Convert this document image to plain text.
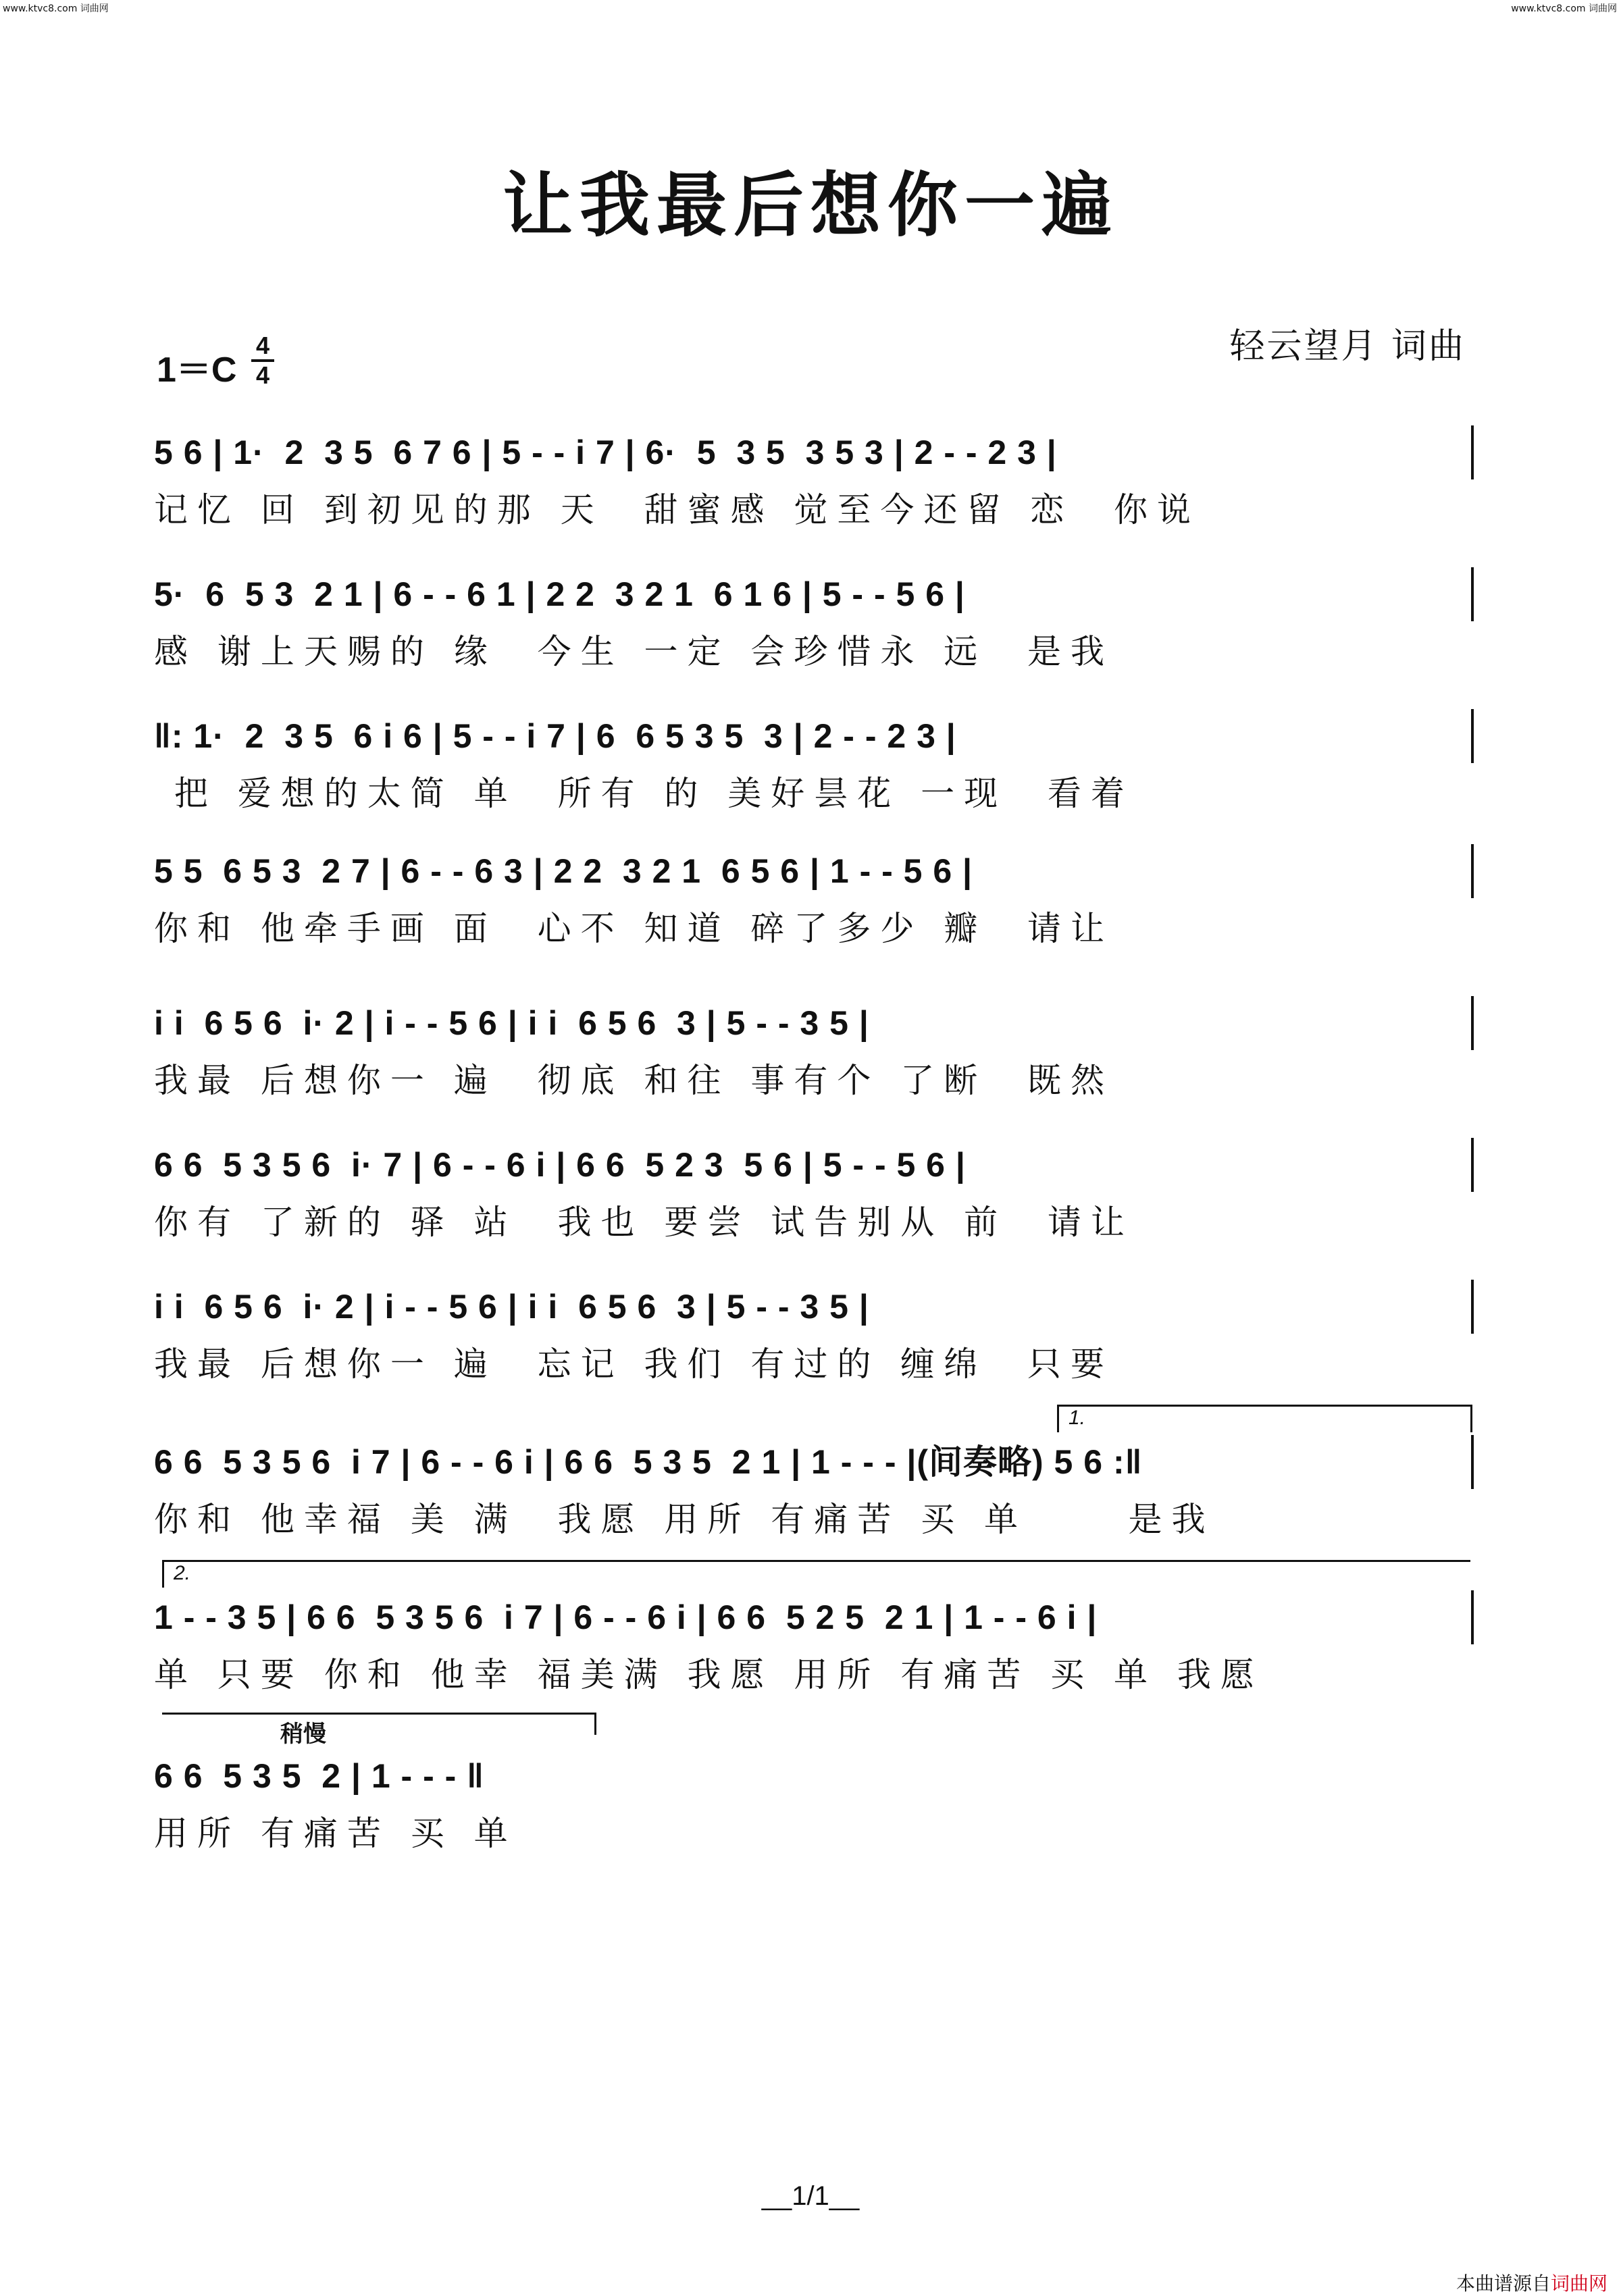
www.ktvc8.com 词曲网	www.ktvc8.com 词曲网
让我最后想你一遍
轻云望月 词曲
1＝C
4
4
5 6 | 1·  2  3 5  6 7 6 | 5 - - i 7 | 6·  5  3 5  3 5 3 | 2 - - 2 3 |
记忆 回 到初见的那 天  甜蜜感 觉至今还留 恋  你说
5·  6  5 3  2 1 | 6 - - 6 1 | 2 2  3 2 1  6 1 6 | 5 - - 5 6 |
感 谢上天赐的 缘  今生 一定 会珍惜永 远  是我
‖: 1·  2  3 5  6 i 6 | 5 - - i 7 | 6  6 5 3 5  3 | 2 - - 2 3 |
把 爱想的太简 单  所有 的 美好昙花 一现  看着
5 5  6 5 3  2 7 | 6 - - 6 3 | 2 2  3 2 1  6 5 6 | 1 - - 5 6 |
你和 他牵手画 面  心不 知道 碎了多少 瓣  请让
i i  6 5 6  i· 2 | i - - 5 6 | i i  6 5 6  3 | 5 - - 3 5 |
我最 后想你一 遍  彻底 和往 事有个 了断  既然
6 6  5 3 5 6  i· 7 | 6 - - 6 i | 6 6  5 2 3  5 6 | 5 - - 5 6 |
你有 了新的 驿 站  我也 要尝 试告别从 前  请让
i i  6 5 6  i· 2 | i - - 5 6 | i i  6 5 6  3 | 5 - - 3 5 |
我最 后想你一 遍  忘记 我们 有过的 缠绵  只要
1.
6 6  5 3 5 6  i 7 | 6 - - 6 i | 6 6  5 3 5  2 1 | 1 - - - |(间奏略) 5 6 :‖
你和 他幸福 美 满  我愿 用所 有痛苦 买 单     是我
2.
1 - - 3 5 | 6 6  5 3 5 6  i 7 | 6 - - 6 i | 6 6  5 2 5  2 1 | 1 - - 6 i |
单 只要 你和 他幸 福美满 我愿 用所 有痛苦 买 单 我愿
稍慢
6 6  5 3 5  2 | 1 - - - ‖
用所 有痛苦 买 单
__1/1__
本曲谱源自词曲网
